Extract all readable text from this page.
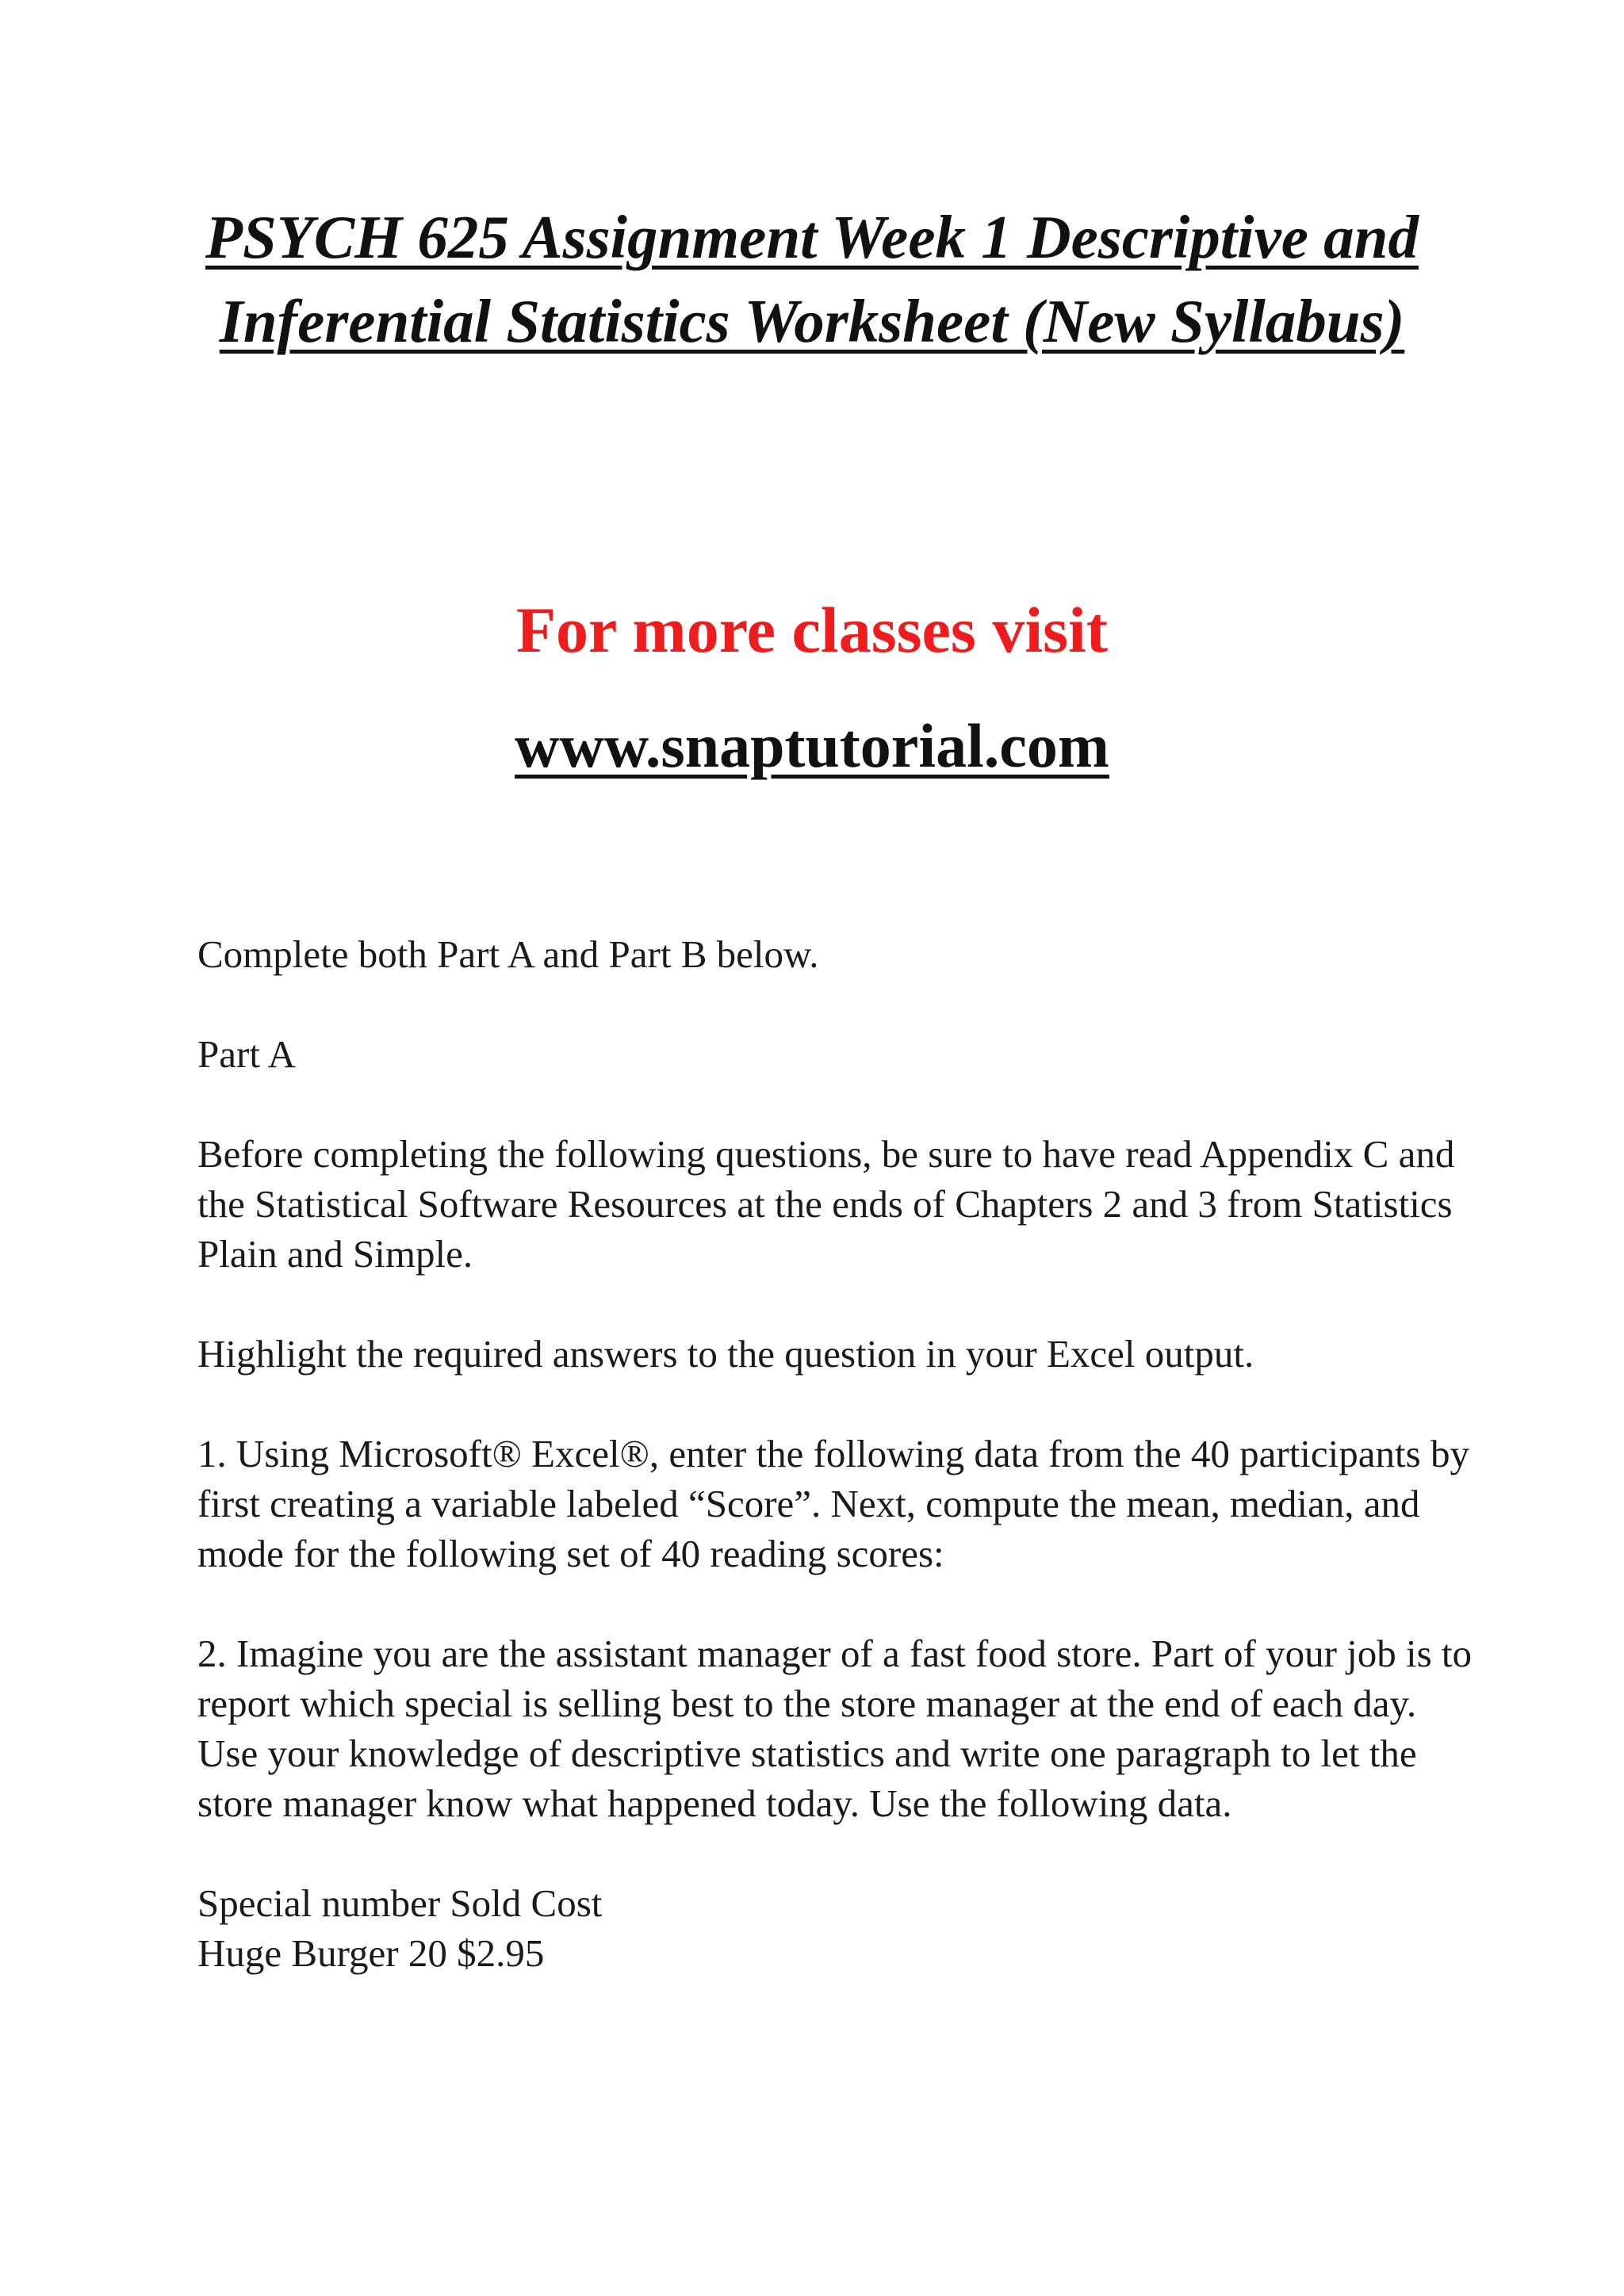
PSYCH 625 Assignment Week 1 Descriptive and Inferential Statistics Worksheet (New Syllabus)
For more classes visit
www.snaptutorial.com

Complete both Part A and Part B below.

Part A

Before completing the following questions, be sure to have read Appendix C and the Statistical Software Resources at the ends of Chapters 2 and 3 from Statistics Plain and Simple.

Highlight the required answers to the question in your Excel output.

1. Using Microsoft® Excel®, enter the following data from the 40 participants by first creating a variable labeled “Score”. Next, compute the mean, median, and mode for the following set of 40 reading scores:

2. Imagine you are the assistant manager of a fast food store. Part of your job is to report which special is selling best to the store manager at the end of each day. Use your knowledge of descriptive statistics and write one paragraph to let the store manager know what happened today. Use the following data.

Special number Sold Cost

Huge Burger 20 $2.95
